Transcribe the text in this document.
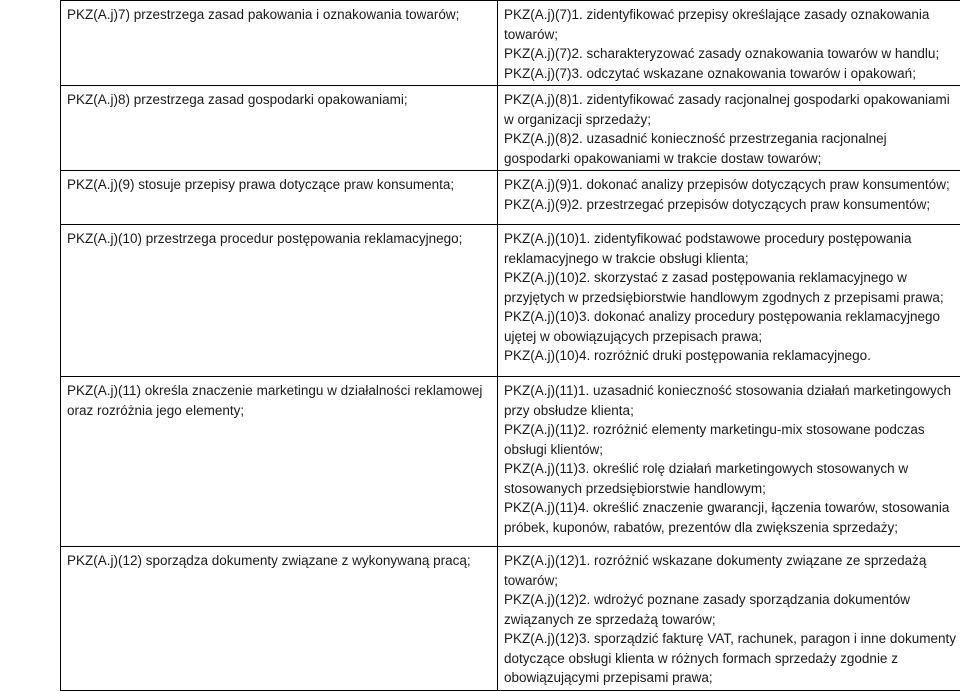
PKZ(A.j)7) przestrzega zasad pakowania i oznakowania towarów;	PKZ(A.j)(7)1. zidentyfikować przepisy określające zasady oznakowania towarów;
PKZ(A.j)(7)2. scharakteryzować zasady oznakowania towarów w handlu;
PKZ(A.j)(7)3. odczytać wskazane oznakowania towarów i opakowań;

PKZ(A.j)8) przestrzega zasad gospodarki opakowaniami;	PKZ(A.j)(8)1. zidentyfikować zasady racjonalnej gospodarki opakowaniami w organizacji sprzedaży;
PKZ(A.j)(8)2. uzasadnić konieczność przestrzegania racjonalnej gospodarki opakowaniami w trakcie dostaw towarów;

PKZ(A.j)(9) stosuje przepisy prawa dotyczące praw konsumenta;	PKZ(A.j)(9)1. dokonać analizy przepisów dotyczących praw konsumentów;
PKZ(A.j)(9)2. przestrzegać przepisów dotyczących praw konsumentów;

PKZ(A.j)(10) przestrzega procedur postępowania reklamacyjnego;	PKZ(A.j)(10)1. zidentyfikować podstawowe procedury postępowania reklamacyjnego w trakcie obsługi klienta;
PKZ(A.j)(10)2. skorzystać z zasad postępowania reklamacyjnego w przyjętych w przedsiębiorstwie handlowym zgodnych z przepisami prawa;
PKZ(A.j)(10)3. dokonać analizy procedury postępowania reklamacyjnego ujętej w obowiązujących przepisach prawa;
PKZ(A.j)(10)4. rozróżnić druki postępowania reklamacyjnego.

PKZ(A.j)(11) określa znaczenie marketingu w działalności reklamowej oraz rozróżnia jego elementy;	PKZ(A.j)(11)1. uzasadnić konieczność stosowania działań marketingowych przy obsłudze klienta;
PKZ(A.j)(11)2. rozróżnić elementy marketingu-mix stosowane podczas obsługi klientów;
PKZ(A.j)(11)3. określić rolę działań marketingowych stosowanych w stosowanych przedsiębiorstwie handlowym;
PKZ(A.j)(11)4. określić znaczenie gwarancji, łączenia towarów, stosowania próbek, kuponów, rabatów, prezentów dla zwiększenia sprzedaży;

PKZ(A.j)(12) sporządza dokumenty związane z wykonywaną pracą;	PKZ(A.j)(12)1. rozróżnić wskazane dokumenty związane ze sprzedażą towarów;
PKZ(A.j)(12)2. wdrożyć poznane zasady sporządzania dokumentów związanych ze sprzedażą towarów;
PKZ(A.j)(12)3. sporządzić fakturę VAT, rachunek, paragon i inne dokumenty dotyczące obsługi klienta w różnych formach sprzedaży zgodnie z obowiązującymi przepisami prawa;
